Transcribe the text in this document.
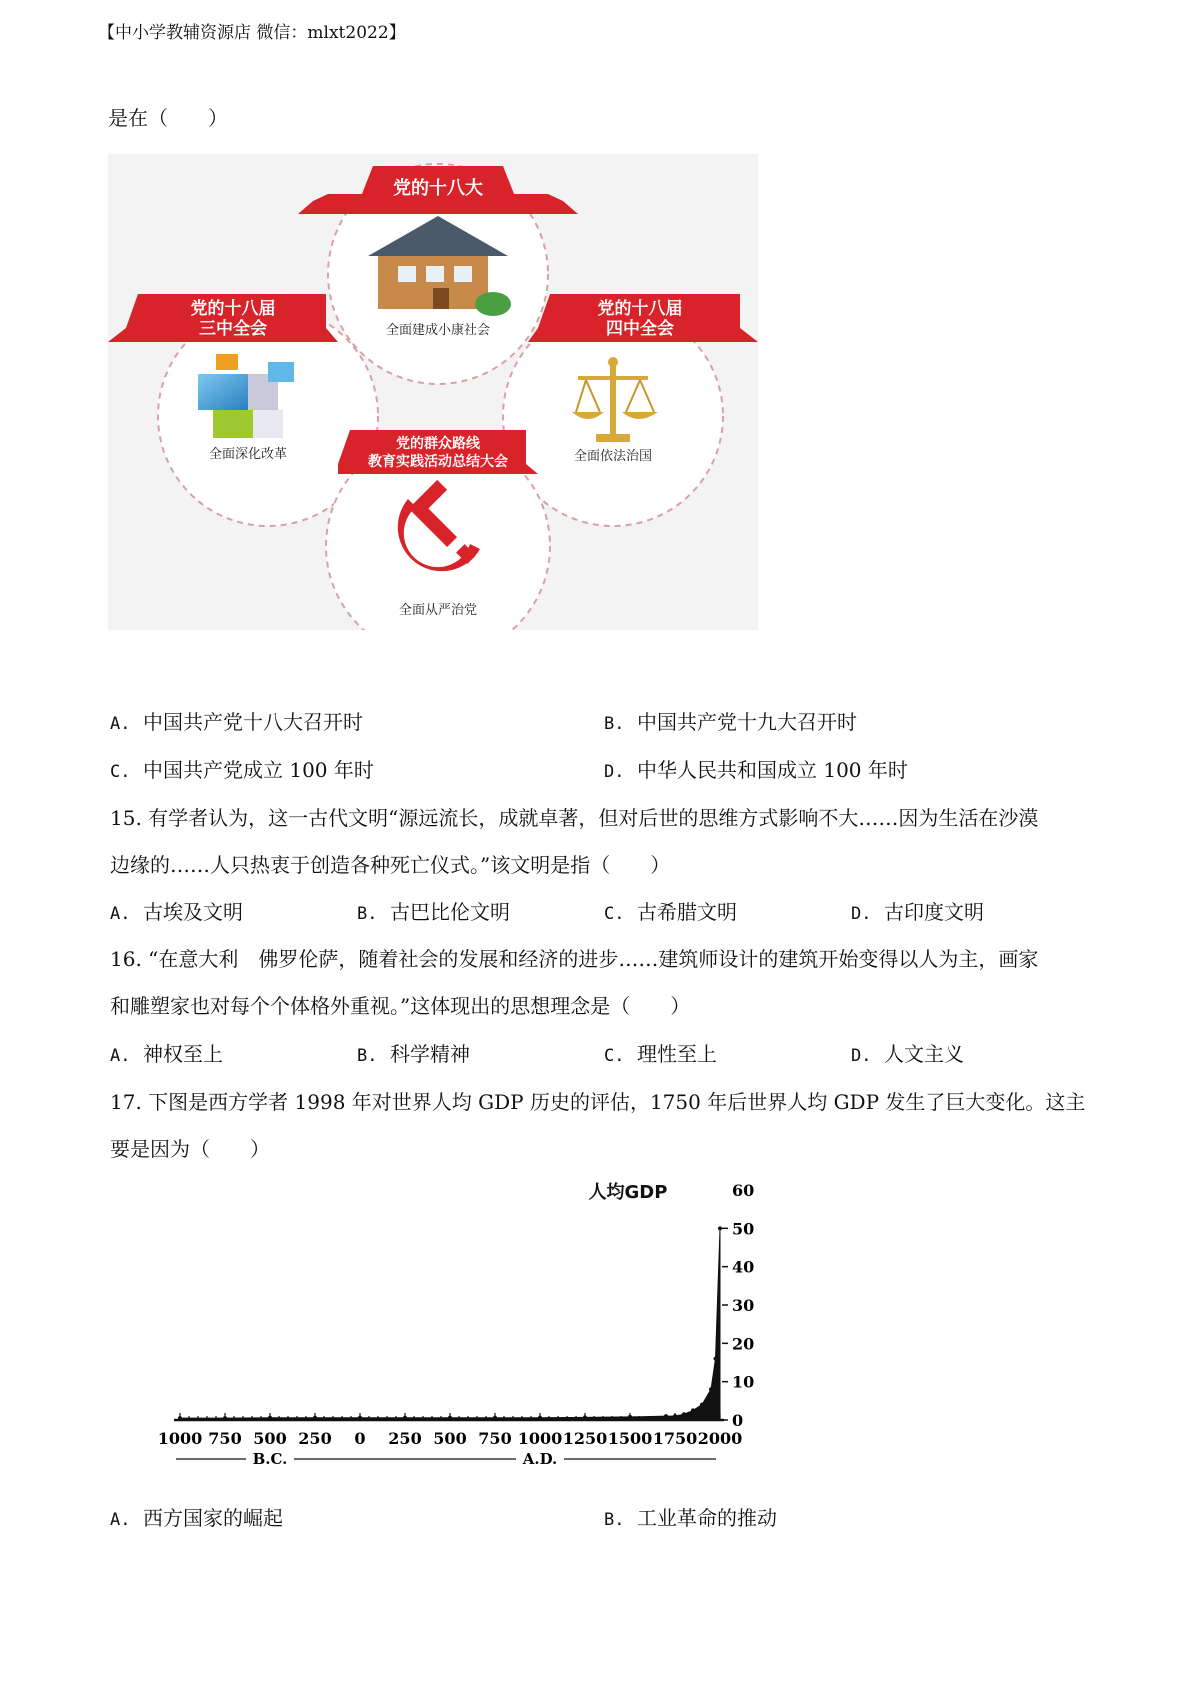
【中小学教辅资源店 微信：mlxt2022】
是在（　　）
党的十八大
全面建成小康社会
党的十八届
三中全会
全面深化改革
党的十八届
四中全会
全面依法治国
党的群众路线
教育实践活动总结大会
全面从严治党
A. 中国共产党十八大召开时	B. 中国共产党十九大召开时
C. 中国共产党成立 100 年时	D. 中华人民共和国成立 100 年时
15. 有学者认为，这一古代文明“源远流长，成就卓著，但对后世的思维方式影响不大……因为生活在沙漠
边缘的……人只热衷于创造各种死亡仪式。”该文明是指（　　）
A. 古埃及文明	B. 古巴比伦文明	C. 古希腊文明	D. 古印度文明
16. “在意大利　佛罗伦萨，随着社会的发展和经济的进步……建筑师设计的建筑开始变得以人为主，画家
和雕塑家也对每个个体格外重视。”这体现出的思想理念是（　　）
A. 神权至上	B. 科学精神	C. 理性至上	D. 人文主义
17. 下图是西方学者 1998 年对世界人均 GDP 历史的评估，1750 年后世界人均 GDP 发生了巨大变化。这主
要是因为（　　）
人均GDP
0
10
20
30
40
50
60
1000 750 500 250 0 250 500 750 1000 1250 1500 1750 2000
B.C.	A.D.
A. 西方国家的崛起	B. 工业革命的推动
